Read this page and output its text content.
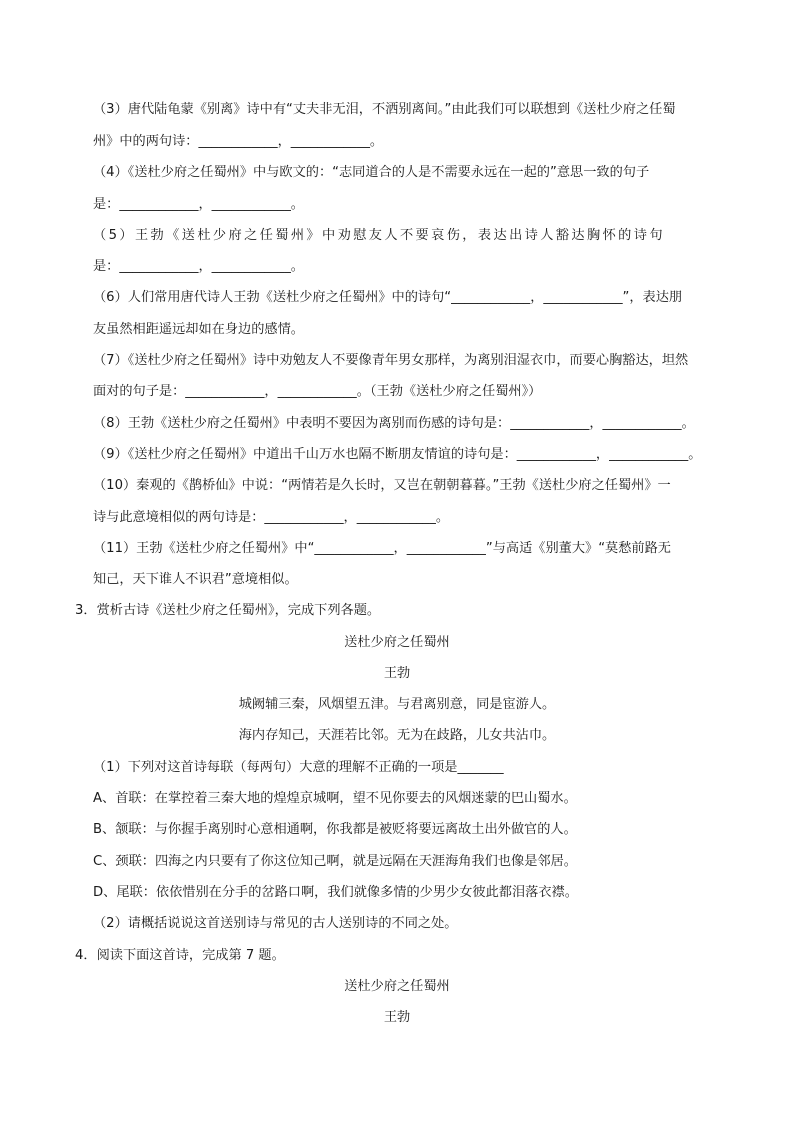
（3）唐代陆龟蒙《别离》诗中有“丈夫非无泪，不洒别离间。”由此我们可以联想到《送杜少府之任蜀
州》中的两句诗：____________，____________。
（4）《送杜少府之任蜀州》中与欧文的：“志同道合的人是不需要永远在一起的”意思一致的句子
是：____________，____________。
（5）王勃《送杜少府之任蜀州》中劝慰友人不要哀伤，表达出诗人豁达胸怀的诗句
是：____________，____________。
（6）人们常用唐代诗人王勃《送杜少府之任蜀州》中的诗句“____________，____________”，表达朋
友虽然相距遥远却如在身边的感情。
（7）《送杜少府之任蜀州》诗中劝勉友人不要像青年男女那样，为离别泪湿衣巾，而要心胸豁达，坦然
面对的句子是：____________，____________。（王勃《送杜少府之任蜀州》）
（8）王勃《送杜少府之任蜀州》中表明不要因为离别而伤感的诗句是：____________，____________。
（9）《送杜少府之任蜀州》中道出千山万水也隔不断朋友情谊的诗句是：____________，____________。
（10）秦观的《鹊桥仙》中说：“两情若是久长时，又岂在朝朝暮暮。”王勃《送杜少府之任蜀州》一
诗与此意境相似的两句诗是：____________，____________。
（11）王勃《送杜少府之任蜀州》中“____________，____________”与高适《别董大》“莫愁前路无
知己，天下谁人不识君”意境相似。
3．赏析古诗《送杜少府之任蜀州》，完成下列各题。
送杜少府之任蜀州
王勃
城阙辅三秦，风烟望五津。与君离别意，同是宦游人。
海内存知己，天涯若比邻。无为在歧路，儿女共沾巾。
（1）下列对这首诗每联（每两句）大意的理解不正确的一项是_______
A、首联：在掌控着三秦大地的煌煌京城啊，望不见你要去的风烟迷蒙的巴山蜀水。
B、颔联：与你握手离别时心意相通啊，你我都是被贬将要远离故土出外做官的人。
C、颈联：四海之内只要有了你这位知己啊，就是远隔在天涯海角我们也像是邻居。
D、尾联：依依惜别在分手的岔路口啊，我们就像多情的少男少女彼此都泪落衣襟。
（2）请概括说说这首送别诗与常见的古人送别诗的不同之处。
4．阅读下面这首诗，完成第 7 题。
送杜少府之任蜀州
王勃
